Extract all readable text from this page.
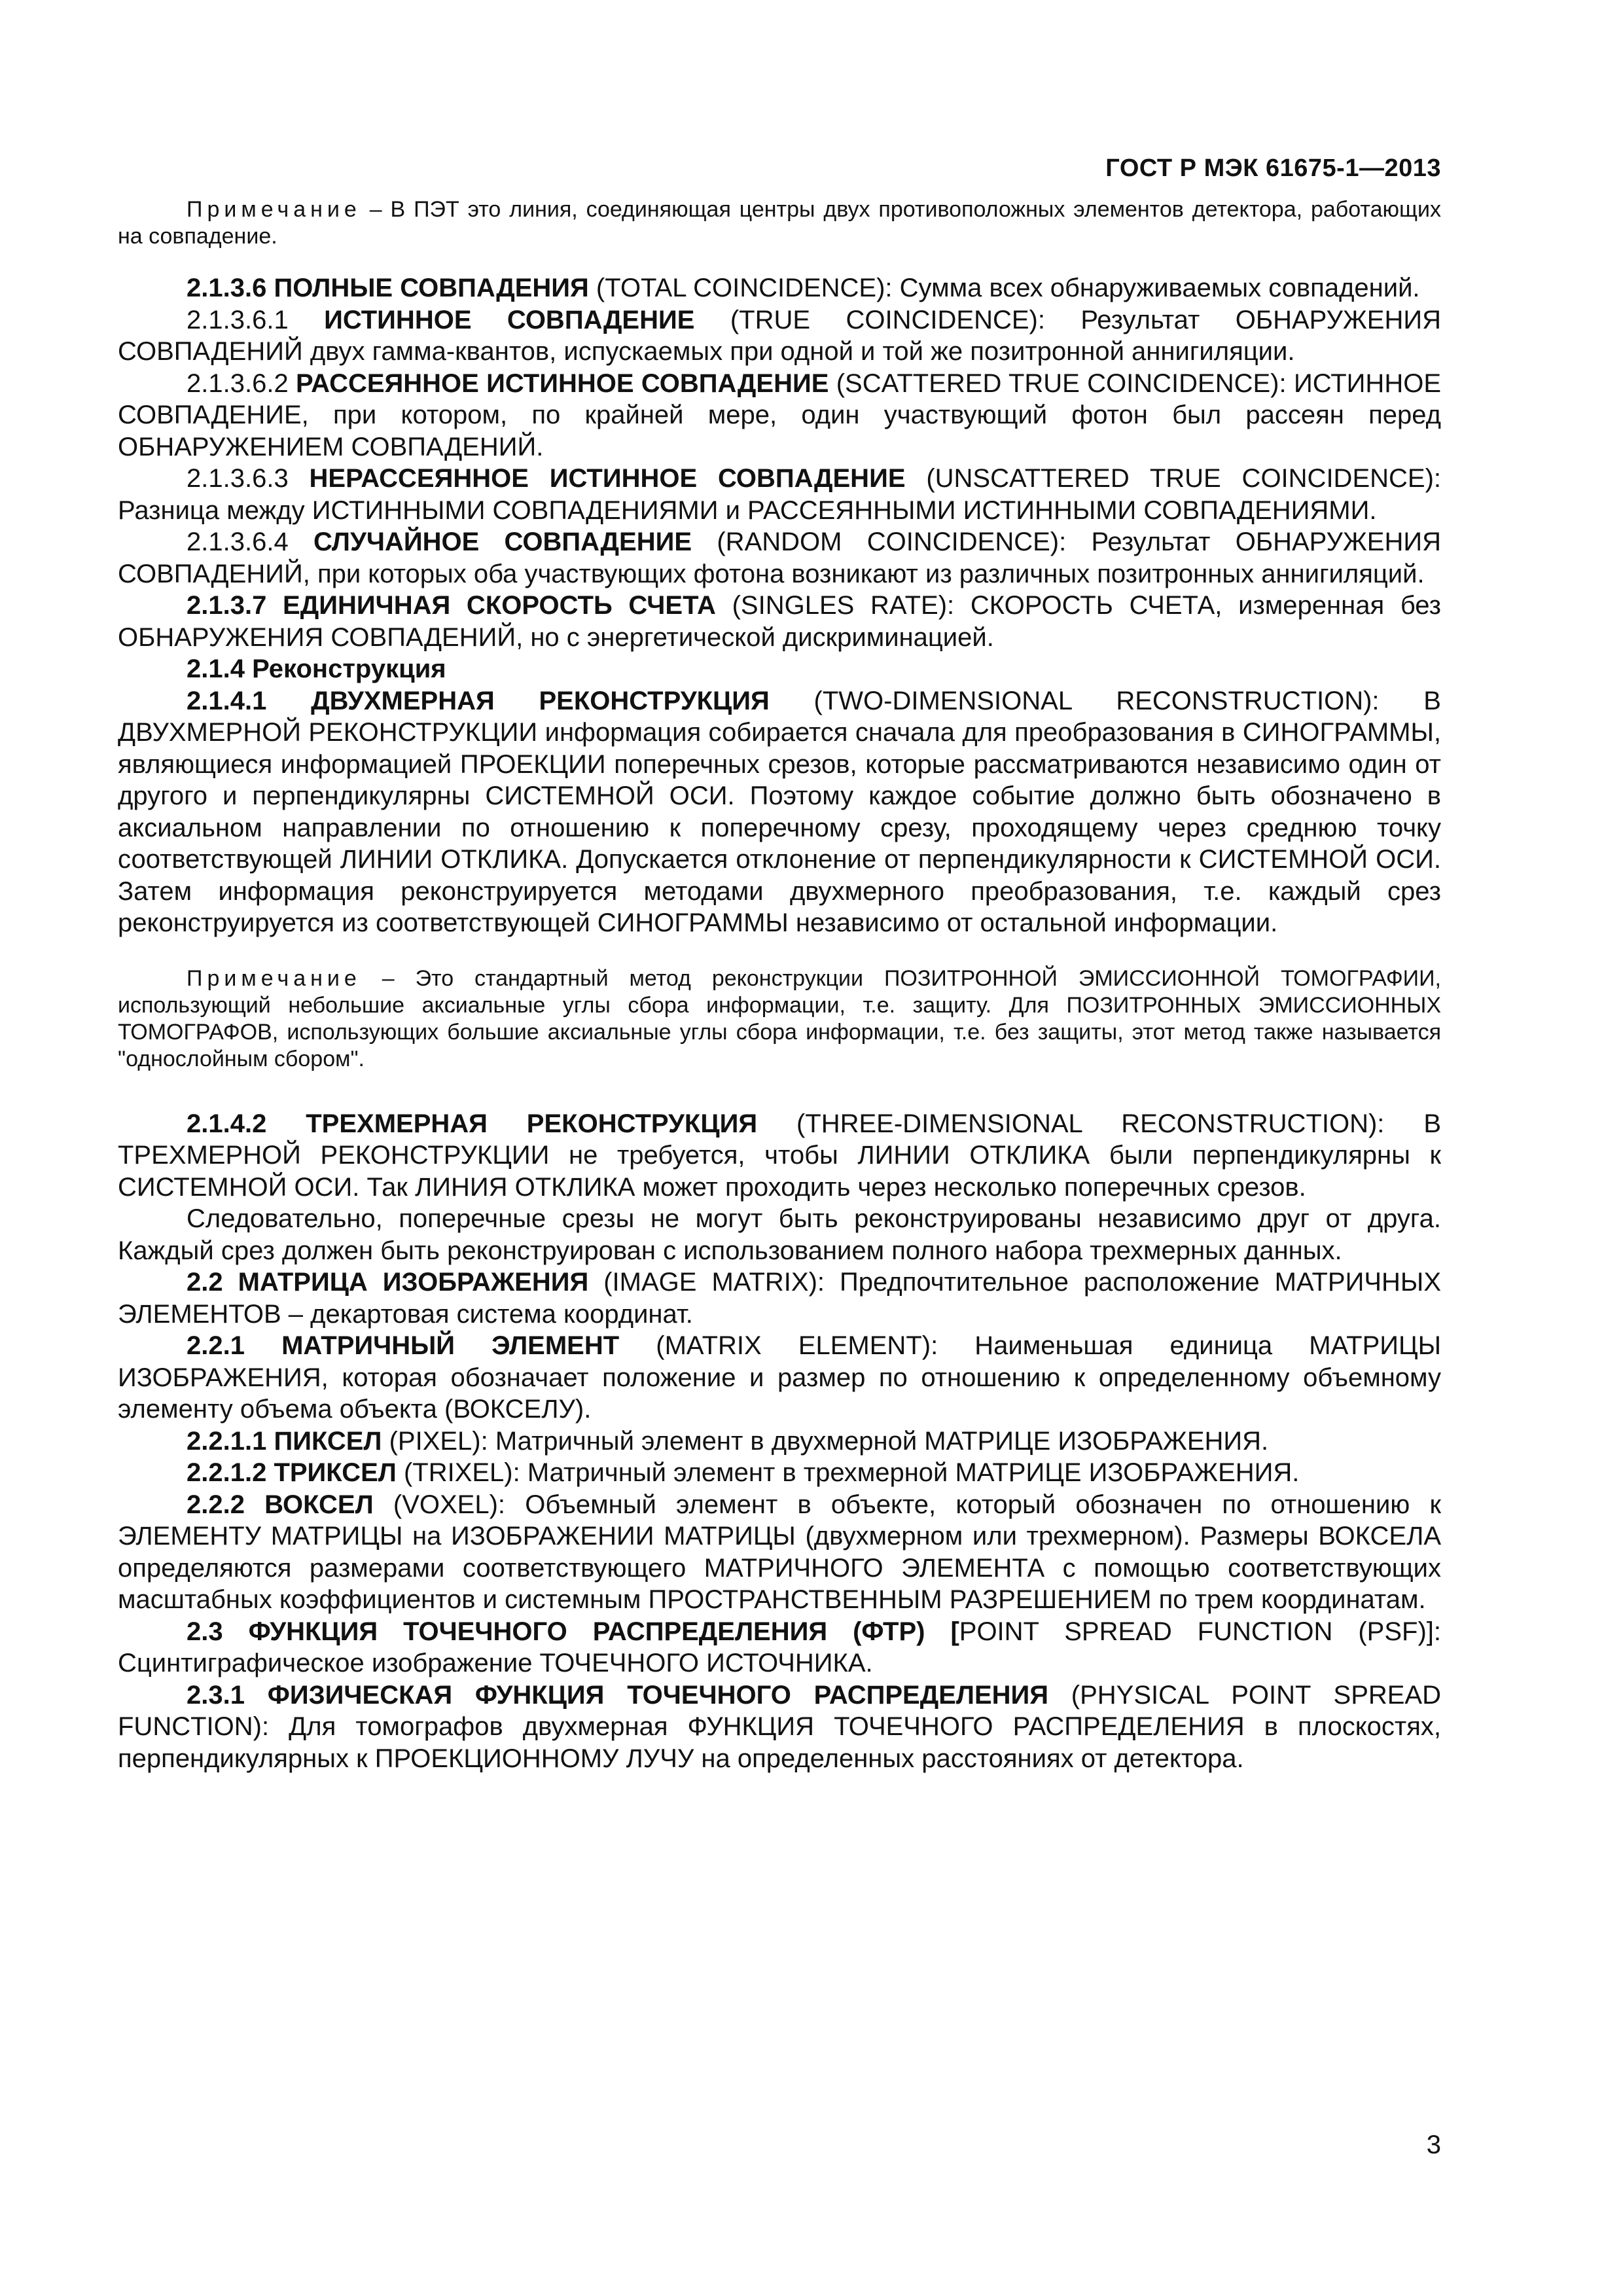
ГОСТ Р МЭК 61675-1—2013

Примечание – В ПЭТ это линия, соединяющая центры двух противоположных элементов детектора, работающих на совпадение.

2.1.3.6 ПОЛНЫЕ СОВПАДЕНИЯ (TOTAL COINCIDENCE): Сумма всех обнаруживаемых совпадений.

2.1.3.6.1 ИСТИННОЕ СОВПАДЕНИЕ (TRUE COINCIDENCE): Результат ОБНАРУЖЕНИЯ СОВПАДЕНИЙ двух гамма-квантов, испускаемых при одной и той же позитронной аннигиляции.

2.1.3.6.2 РАССЕЯННОЕ ИСТИННОЕ СОВПАДЕНИЕ (SCATTERED TRUE COINCIDENCE): ИСТИННОЕ СОВПАДЕНИЕ, при котором, по крайней мере, один участвующий фотон был рассеян перед ОБНАРУЖЕНИЕМ СОВПАДЕНИЙ.

2.1.3.6.3 НЕРАССЕЯННОЕ ИСТИННОЕ СОВПАДЕНИЕ (UNSCATTERED TRUE COINCIDENCE): Разница между ИСТИННЫМИ СОВПАДЕНИЯМИ и РАССЕЯННЫМИ ИСТИННЫМИ СОВПАДЕНИЯМИ.

2.1.3.6.4 СЛУЧАЙНОЕ СОВПАДЕНИЕ (RANDOM COINCIDENCE): Результат ОБНАРУЖЕНИЯ СОВПАДЕНИЙ, при которых оба участвующих фотона возникают из различных позитронных аннигиляций.

2.1.3.7 ЕДИНИЧНАЯ СКОРОСТЬ СЧЕТА (SINGLES RATE): СКОРОСТЬ СЧЕТА, измеренная без ОБНАРУЖЕНИЯ СОВПАДЕНИЙ, но с энергетической дискриминацией.

2.1.4 Реконструкция

2.1.4.1 ДВУХМЕРНАЯ РЕКОНСТРУКЦИЯ (TWO-DIMENSIONAL RECONSTRUCTION): В ДВУХМЕРНОЙ РЕКОНСТРУКЦИИ информация собирается сначала для преобразования в СИНОГРАММЫ, являющиеся информацией ПРОЕКЦИИ поперечных срезов, которые рассматриваются независимо один от другого и перпендикулярны СИСТЕМНОЙ ОСИ. Поэтому каждое событие должно быть обозначено в аксиальном направлении по отношению к поперечному срезу, проходящему через среднюю точку соответствующей ЛИНИИ ОТКЛИКА. Допускается отклонение от перпендикулярности к СИСТЕМНОЙ ОСИ. Затем информация реконструируется методами двухмерного преобразования, т.е. каждый срез реконструируется из соответствующей СИНОГРАММЫ независимо от остальной информации.

Примечание – Это стандартный метод реконструкции ПОЗИТРОННОЙ ЭМИССИОННОЙ ТОМОГРАФИИ, использующий небольшие аксиальные углы сбора информации, т.е. защиту. Для ПОЗИТРОННЫХ ЭМИССИОННЫХ ТОМОГРАФОВ, использующих большие аксиальные углы сбора информации, т.е. без защиты, этот метод также называется "однослойным сбором".

2.1.4.2 ТРЕХМЕРНАЯ РЕКОНСТРУКЦИЯ (THREE-DIMENSIONAL RECONSTRUCTION): В ТРЕХМЕРНОЙ РЕКОНСТРУКЦИИ не требуется, чтобы ЛИНИИ ОТКЛИКА были перпендикулярны к СИСТЕМНОЙ ОСИ. Так ЛИНИЯ ОТКЛИКА может проходить через несколько поперечных срезов.

Следовательно, поперечные срезы не могут быть реконструированы независимо друг от друга. Каждый срез должен быть реконструирован с использованием полного набора трехмерных данных.

2.2 МАТРИЦА ИЗОБРАЖЕНИЯ (IMAGE MATRIX): Предпочтительное расположение МАТРИЧНЫХ ЭЛЕМЕНТОВ – декартовая система координат.

2.2.1 МАТРИЧНЫЙ ЭЛЕМЕНТ (MATRIX ELEMENT): Наименьшая единица МАТРИЦЫ ИЗОБРАЖЕНИЯ, которая обозначает положение и размер по отношению к определенному объемному элементу объема объекта (ВОКСЕЛУ).

2.2.1.1 ПИКСЕЛ (PIXEL): Матричный элемент в двухмерной МАТРИЦЕ ИЗОБРАЖЕНИЯ.

2.2.1.2 ТРИКСЕЛ (TRIXEL): Матричный элемент в трехмерной МАТРИЦЕ ИЗОБРАЖЕНИЯ.

2.2.2 ВОКСЕЛ (VOXEL): Объемный элемент в объекте, который обозначен по отношению к ЭЛЕМЕНТУ МАТРИЦЫ на ИЗОБРАЖЕНИИ МАТРИЦЫ (двухмерном или трехмерном). Размеры ВОКСЕЛА определяются размерами соответствующего МАТРИЧНОГО ЭЛЕМЕНТА с помощью соответствующих масштабных коэффициентов и системным ПРОСТРАНСТВЕННЫМ РАЗРЕШЕНИЕМ по трем координатам.

2.3 ФУНКЦИЯ ТОЧЕЧНОГО РАСПРЕДЕЛЕНИЯ (ФТР) [POINT SPREAD FUNCTION (PSF)]: Сцинтиграфическое изображение ТОЧЕЧНОГО ИСТОЧНИКА.

2.3.1 ФИЗИЧЕСКАЯ ФУНКЦИЯ ТОЧЕЧНОГО РАСПРЕДЕЛЕНИЯ (PHYSICAL POINT SPREAD FUNCTION): Для томографов двухмерная ФУНКЦИЯ ТОЧЕЧНОГО РАСПРЕДЕЛЕНИЯ в плоскостях, перпендикулярных к ПРОЕКЦИОННОМУ ЛУЧУ на определенных расстояниях от детектора.

3
